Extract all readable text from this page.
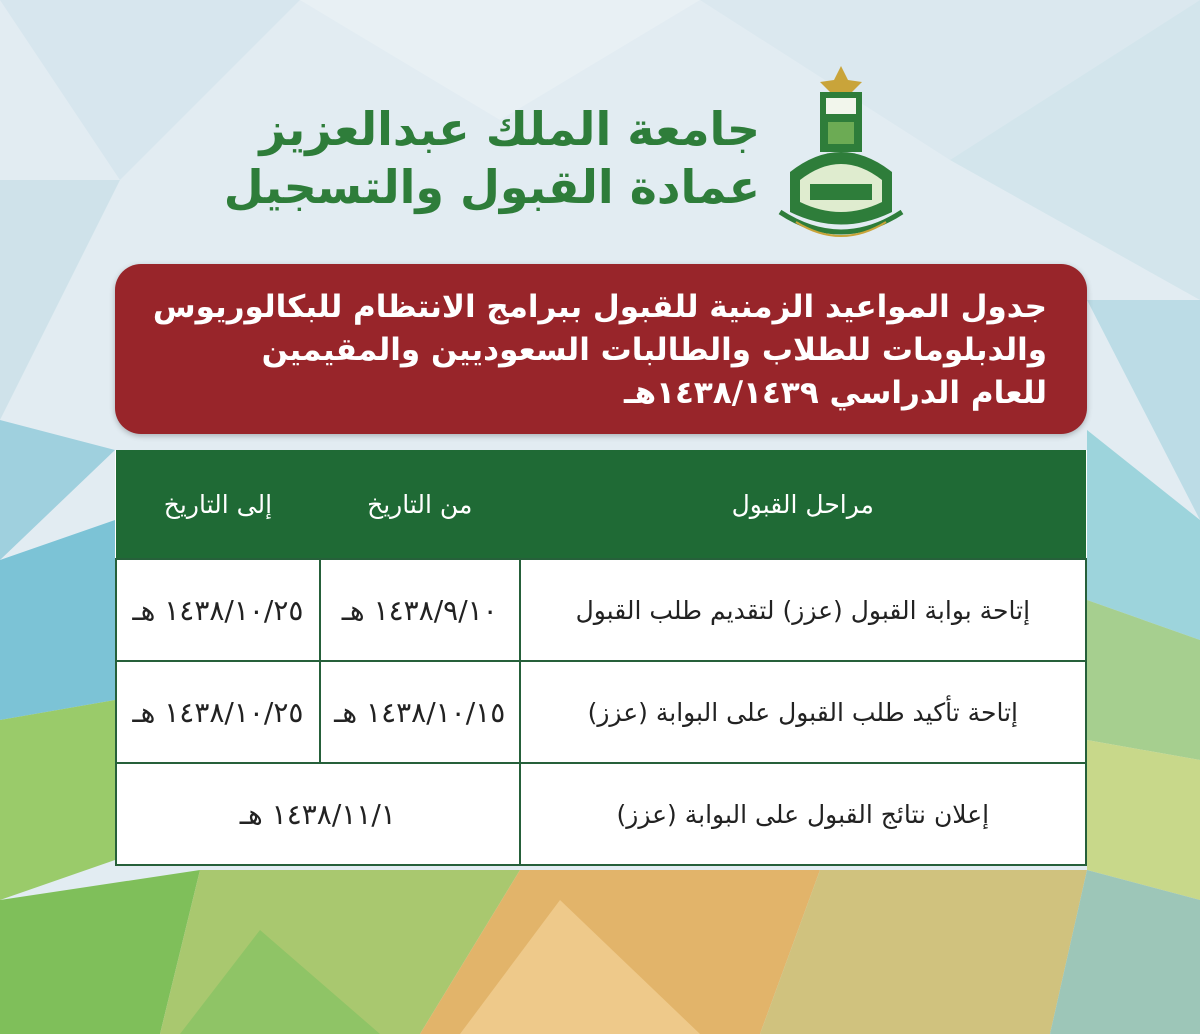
جامعة الملك عبدالعزيز
عمادة القبول والتسجيل
جدول المواعيد الزمنية للقبول ببرامج الانتظام للبكالوريوس
والدبلومات للطلاب والطالبات السعوديين والمقيمين
للعام الدراسي ١٤٣٨/١٤٣٩هـ
مراحل القبول	من التاريخ	إلى التاريخ
إتاحة بوابة القبول (عزز) لتقديم طلب القبول	١٤٣٨/٩/١٠ هـ	١٤٣٨/١٠/٢٥ هـ
إتاحة تأكيد طلب القبول على البوابة (عزز)	١٤٣٨/١٠/١٥ هـ	١٤٣٨/١٠/٢٥ هـ
إعلان نتائج القبول على البوابة (عزز)	١٤٣٨/١١/١ هـ	
